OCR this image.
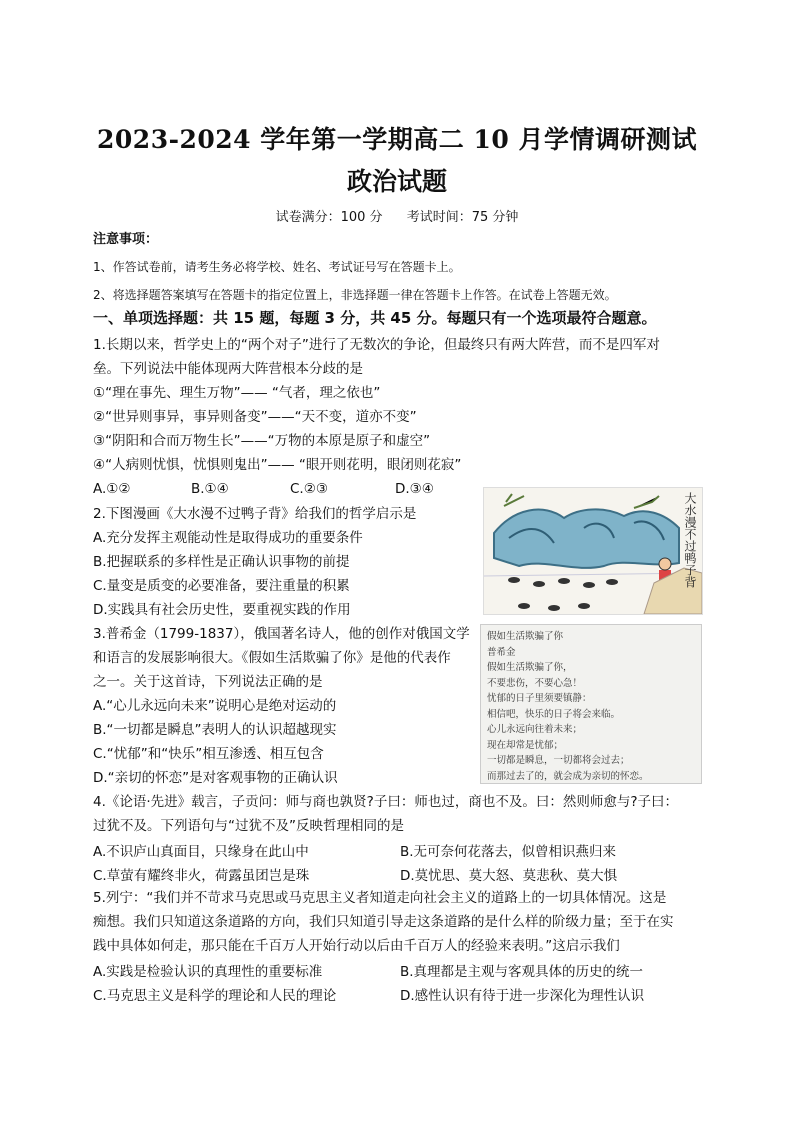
2023-2024 学年第一学期高二 10 月学情调研测试
政治试题
试卷满分：100 分 考试时间：75 分钟
注意事项：
1、作答试卷前，请考生务必将学校、姓名、考试证号写在答题卡上。
2、将选择题答案填写在答题卡的指定位置上，非选择题一律在答题卡上作答。在试卷上答题无效。
一、单项选择题：共 15 题，每题 3 分，共 45 分。每题只有一个选项最符合题意。
1.长期以来，哲学史上的“两个对子”进行了无数次的争论，但最终只有两大阵营，而不是四军对
垒。下列说法中能体现两大阵营根本分歧的是
①“理在事先、理生万物”—— “气者，理之依也”
②“世异则事异，事异则备变”——“天不变，道亦不变”
③“阴阳和合而万物生长”——“万物的本原是原子和虚空”
④“人病则忧惧，忧惧则鬼出”—— “眼开则花明，眼闭则花寂”
A.①②	B.①④	C.②③	D.③④
2.下图漫画《大水漫不过鸭子背》给我们的哲学启示是
A.充分发挥主观能动性是取得成功的重要条件
B.把握联系的多样性是正确认识事物的前提
C.量变是质变的必要准备，要注重量的积累
D.实践具有社会历史性，要重视实践的作用
大水漫不过鸭子背
3.普希金（1799-1837），俄国著名诗人，他的创作对俄国文学
和语言的发展影响很大。《假如生活欺骗了你》是他的代表作
之一。关于这首诗，下列说法正确的是
A.“心儿永远向未来”说明心是绝对运动的
B.“一切都是瞬息”表明人的认识超越现实
C.“忧郁”和“快乐”相互渗透、相互包含
D.“亲切的怀恋”是对客观事物的正确认识
假如生活欺骗了你
普希金
假如生活欺骗了你，
不要悲伤，不要心急！
忧郁的日子里须要镇静：
相信吧，快乐的日子将会来临。
心儿永远向往着未来；
现在却常是忧郁；
一切都是瞬息，一切都将会过去；
而那过去了的，就会成为亲切的怀恋。
4.《论语·先进》载言，子贡问：师与商也孰贤?子曰：师也过，商也不及。曰：然则师愈与?子曰：
过犹不及。下列语句与“过犹不及”反映哲理相同的是
A.不识庐山真面目，只缘身在此山中	B.无可奈何花落去，似曾相识燕归来
C.草萤有耀终非火，荷露虽团岂是珠	D.莫忧思、莫大怒、莫悲秋、莫大惧
5.列宁：“我们并不苛求马克思或马克思主义者知道走向社会主义的道路上的一切具体情况。这是
痴想。我们只知道这条道路的方向，我们只知道引导走这条道路的是什么样的阶级力量；至于在实
践中具体如何走，那只能在千百万人开始行动以后由千百万人的经验来表明。”这启示我们
A.实践是检验认识的真理性的重要标准	B.真理都是主观与客观具体的历史的统一
C.马克思主义是科学的理论和人民的理论	D.感性认识有待于进一步深化为理性认识
